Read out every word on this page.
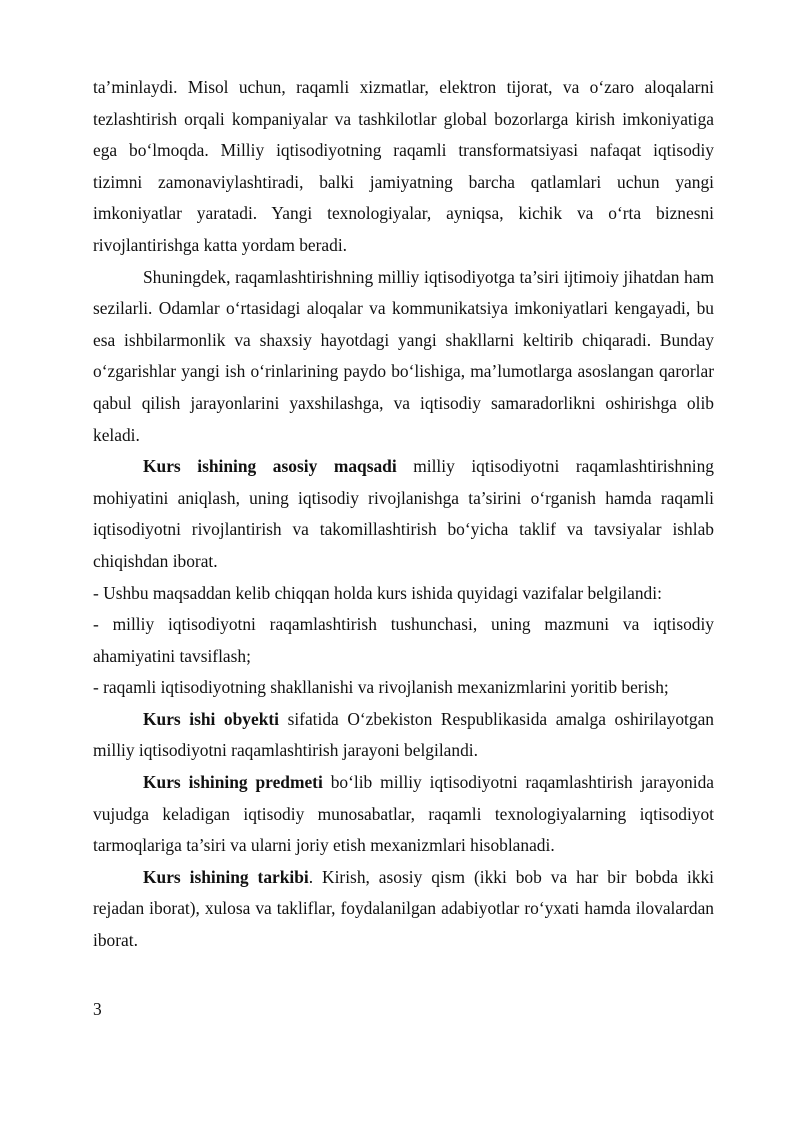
ta’minlaydi. Misol uchun, raqamli xizmatlar, elektron tijorat, va o‘zaro aloqalarni tezlashtirish orqali kompaniyalar va tashkilotlar global bozorlarga kirish imkoniyatiga ega bo‘lmoqda. Milliy iqtisodiyotning raqamli transformatsiyasi nafaqat iqtisodiy tizimni zamonaviylashtiradi, balki jamiyatning barcha qatlamlari uchun yangi imkoniyatlar yaratadi. Yangi texnologiyalar, ayniqsa, kichik va o‘rta biznesni rivojlantirishga katta yordam beradi.

Shuningdek, raqamlashtirishning milliy iqtisodiyotga ta’siri ijtimoiy jihatdan ham sezilarli. Odamlar o‘rtasidagi aloqalar va kommunikatsiya imkoniyatlari kengayadi, bu esa ishbilarmonlik va shaxsiy hayotdagi yangi shakllarni keltirib chiqaradi. Bunday o‘zgarishlar yangi ish o‘rinlarining paydo bo‘lishiga, ma’lumotlarga asoslangan qarorlar qabul qilish jarayonlarini yaxshilashga, va iqtisodiy samaradorlikni oshirishga olib keladi.

Kurs ishining asosiy maqsadi milliy iqtisodiyotni raqamlashtirishning mohiyatini aniqlash, uning iqtisodiy rivojlanishga ta’sirini o‘rganish hamda raqamli iqtisodiyotni rivojlantirish va takomillashtirish bo‘yicha taklif va tavsiyalar ishlab chiqishdan iborat.

- Ushbu maqsaddan kelib chiqqan holda kurs ishida quyidagi vazifalar belgilandi:

- milliy iqtisodiyotni raqamlashtirish tushunchasi, uning mazmuni va iqtisodiy ahamiyatini tavsiflash;

- raqamli iqtisodiyotning shakllanishi va rivojlanish mexanizmlarini yoritib berish;

Kurs ishi obyekti sifatida O‘zbekiston Respublikasida amalga oshirilayotgan milliy iqtisodiyotni raqamlashtirish jarayoni belgilandi.

Kurs ishining predmeti bo‘lib milliy iqtisodiyotni raqamlashtirish jarayonida vujudga keladigan iqtisodiy munosabatlar, raqamli texnologiyalarning iqtisodiyot tarmoqlariga ta’siri va ularni joriy etish mexanizmlari hisoblanadi.

Kurs ishining tarkibi. Kirish, asosiy qism (ikki bob va har bir bobda ikki rejadan iborat), xulosa va takliflar, foydalanilgan adabiyotlar ro‘yxati hamda ilovalardan iborat.

3
